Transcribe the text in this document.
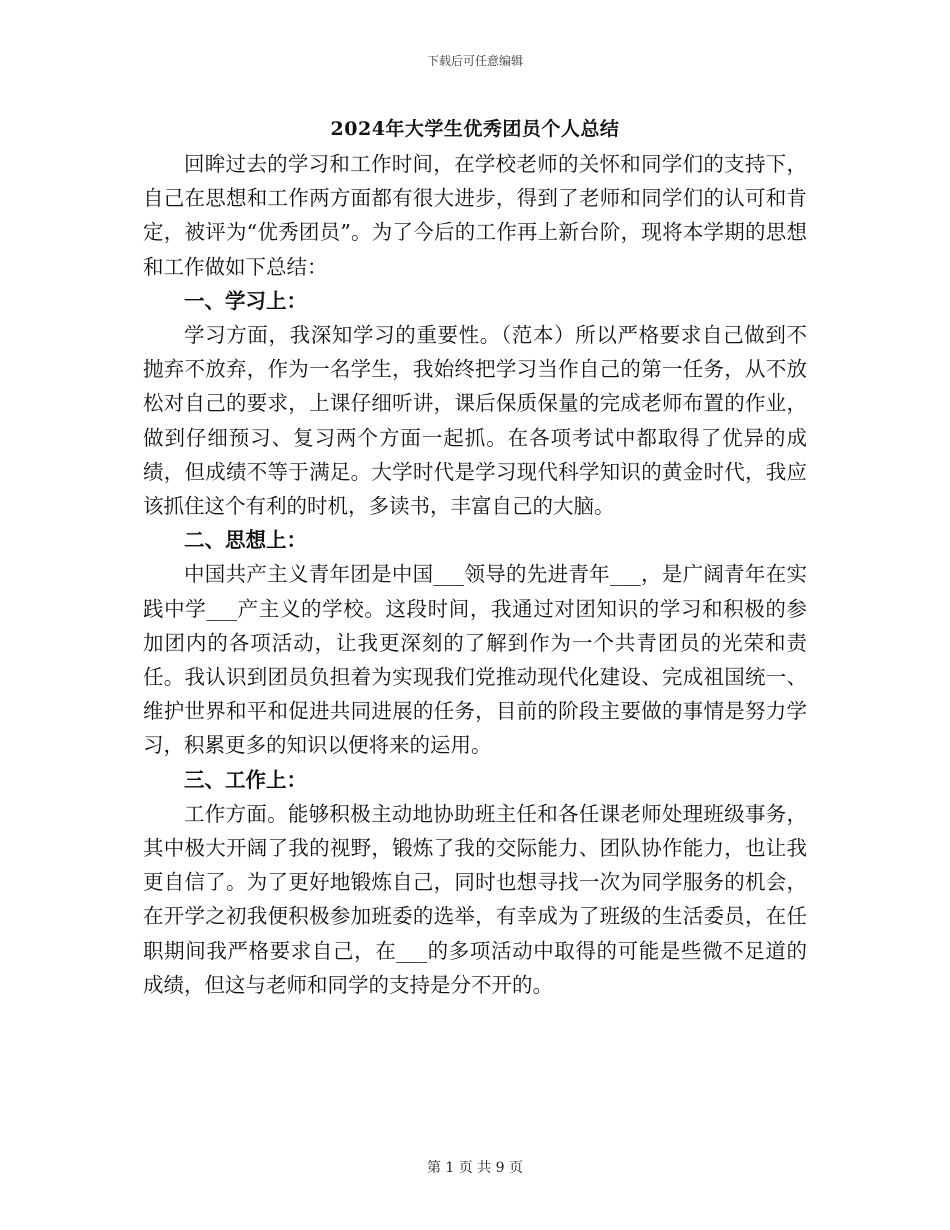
下载后可任意编辑
2024年大学生优秀团员个人总结

回眸过去的学习和工作时间，在学校老师的关怀和同学们的支持下，自己在思想和工作两方面都有很大进步，得到了老师和同学们的认可和肯定，被评为“优秀团员”。为了今后的工作再上新台阶，现将本学期的思想和工作做如下总结：

一、学习上：

学习方面，我深知学习的重要性。（范本）所以严格要求自己做到不抛弃不放弃，作为一名学生，我始终把学习当作自己的第一任务，从不放松对自己的要求，上课仔细听讲，课后保质保量的完成老师布置的作业，做到仔细预习、复习两个方面一起抓。在各项考试中都取得了优异的成绩，但成绩不等于满足。大学时代是学习现代科学知识的黄金时代，我应该抓住这个有利的时机，多读书，丰富自己的大脑。

二、思想上：

中国共产主义青年团是中国___领导的先进青年___，是广阔青年在实践中学___产主义的学校。这段时间，我通过对团知识的学习和积极的参加团内的各项活动，让我更深刻的了解到作为一个共青团员的光荣和责任。我认识到团员负担着为实现我们党推动现代化建设、完成祖国统一、维护世界和平和促进共同进展的任务，目前的阶段主要做的事情是努力学习，积累更多的知识以便将来的运用。

三、工作上：

工作方面。能够积极主动地协助班主任和各任课老师处理班级事务，其中极大开阔了我的视野，锻炼了我的交际能力、团队协作能力，也让我更自信了。为了更好地锻炼自己，同时也想寻找一次为同学服务的机会，在开学之初我便积极参加班委的选举，有幸成为了班级的生活委员，在任职期间我严格要求自己，在___的多项活动中取得的可能是些微不足道的成绩，但这与老师和同学的支持是分不开的。

第 1 页 共 9 页
